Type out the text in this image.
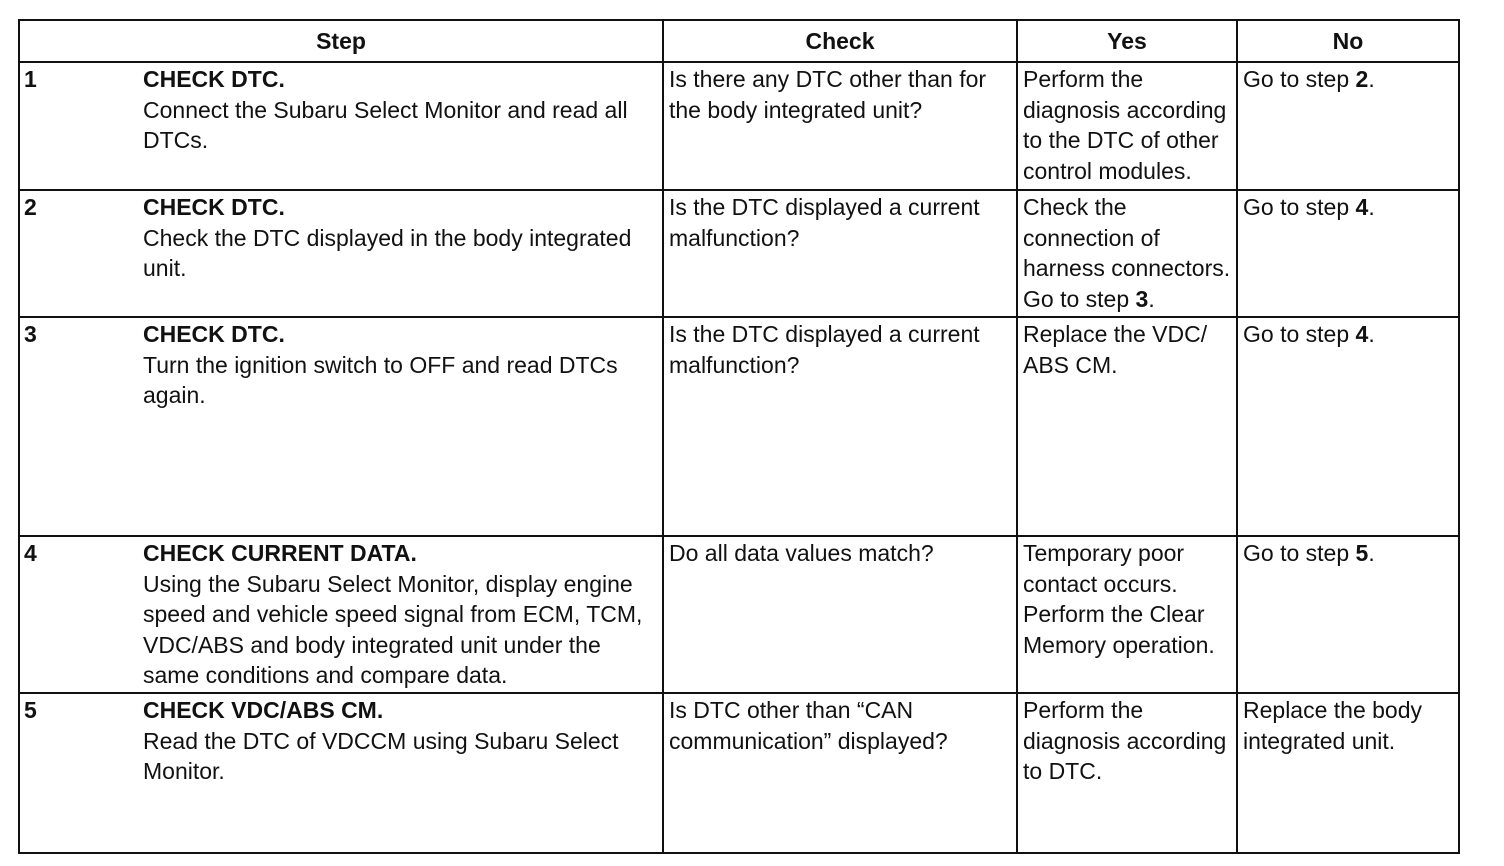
Step	Check	Yes	No

1 CHECK DTC.
Connect the Subaru Select Monitor and read all DTCs.	Is there any DTC other than for the body integrated unit?	Perform the diagnosis according to the DTC of other control modules.	Go to step 2.

2 CHECK DTC.
Check the DTC displayed in the body integrated unit.	Is the DTC displayed a current malfunction?	Check the connection of harness connectors. Go to step 3.	Go to step 4.

3 CHECK DTC.
Turn the ignition switch to OFF and read DTCs again.	Is the DTC displayed a current malfunction?	Replace the VDC/ ABS CM.	Go to step 4.

4 CHECK CURRENT DATA.
Using the Subaru Select Monitor, display engine speed and vehicle speed signal from ECM, TCM, VDC/ABS and body integrated unit under the same conditions and compare data.	Do all data values match?	Temporary poor contact occurs. Perform the Clear Memory operation.	Go to step 5.

5 CHECK VDC/ABS CM.
Read the DTC of VDCCM using Subaru Select Monitor.	Is DTC other than “CAN communication” displayed?	Perform the diagnosis according to DTC.	Replace the body integrated unit.
